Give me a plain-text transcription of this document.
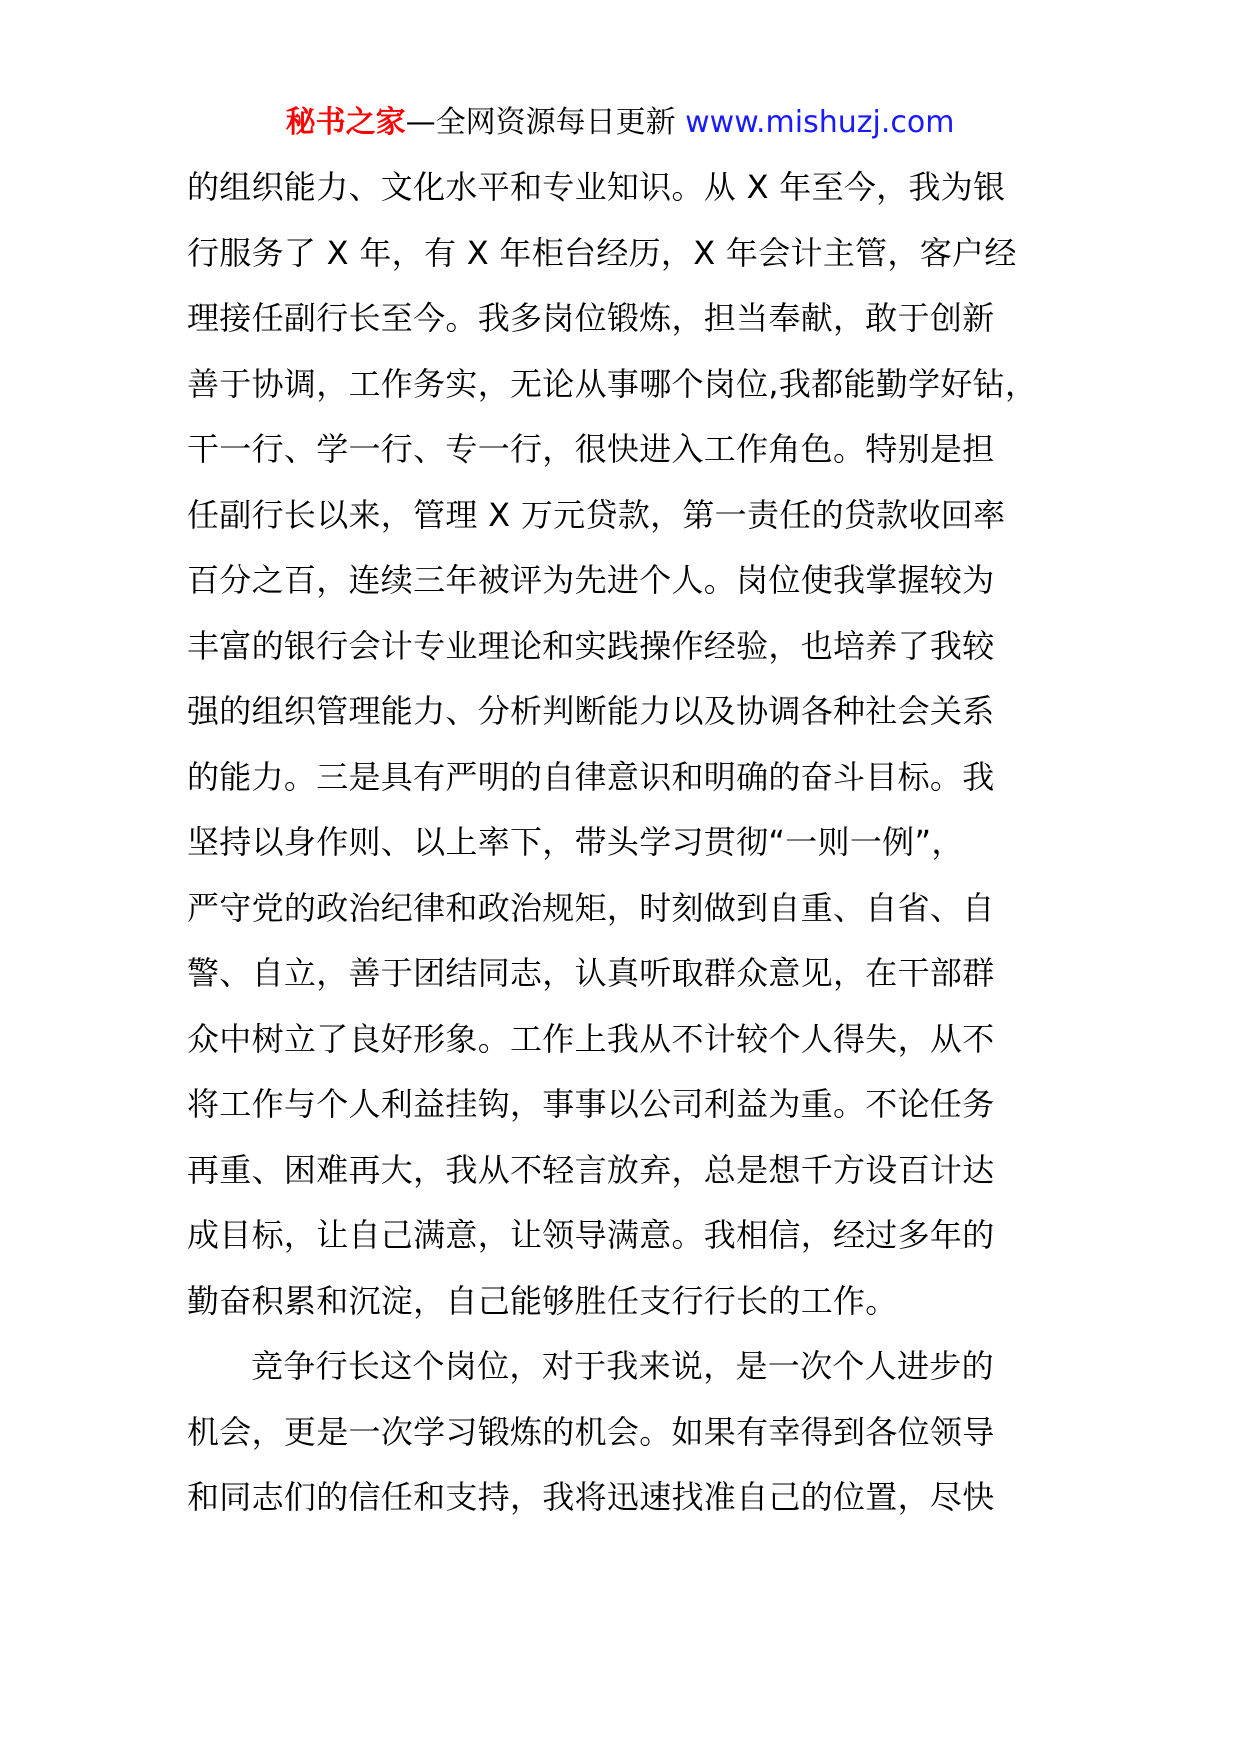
秘书之家—全网资源每日更新 www.mishuzj.com
的组织能力、文化水平和专业知识。从 X 年至今，我为银
行服务了 X 年，有 X 年柜台经历，X 年会计主管，客户经
理接任副行长至今。我多岗位锻炼，担当奉献，敢于创新
善于协调，工作务实，无论从事哪个岗位,我都能勤学好钻，
干一行、学一行、专一行，很快进入工作角色。特别是担
任副行长以来，管理 X 万元贷款，第一责任的贷款收回率
百分之百，连续三年被评为先进个人。岗位使我掌握较为
丰富的银行会计专业理论和实践操作经验，也培养了我较
强的组织管理能力、分析判断能力以及协调各种社会关系
的能力。三是具有严明的自律意识和明确的奋斗目标。我
坚持以身作则、以上率下，带头学习贯彻“一则一例”，
严守党的政治纪律和政治规矩，时刻做到自重、自省、自
警、自立，善于团结同志，认真听取群众意见，在干部群
众中树立了良好形象。工作上我从不计较个人得失，从不
将工作与个人利益挂钩，事事以公司利益为重。不论任务
再重、困难再大，我从不轻言放弃，总是想千方设百计达
成目标，让自己满意，让领导满意。我相信，经过多年的
勤奋积累和沉淀，自己能够胜任支行行长的工作。
竞争行长这个岗位，对于我来说，是一次个人进步的
机会，更是一次学习锻炼的机会。如果有幸得到各位领导
和同志们的信任和支持，我将迅速找准自己的位置，尽快
